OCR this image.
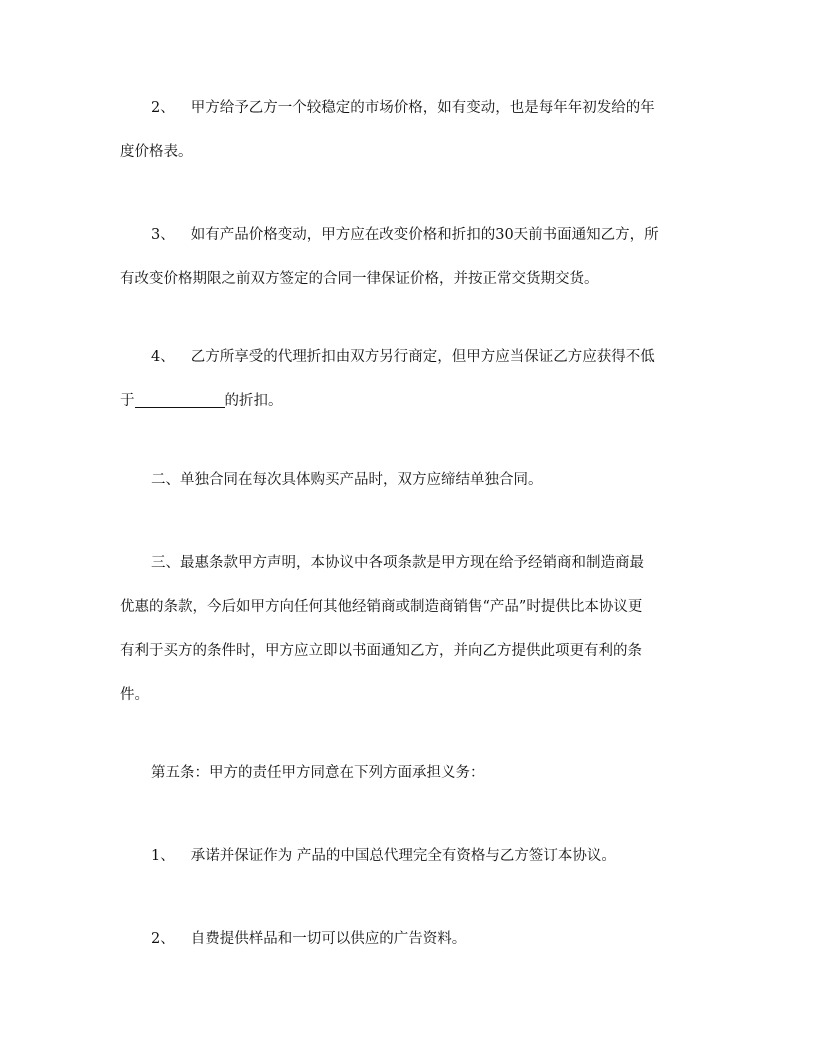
2、 甲方给予乙方一个较稳定的市场价格，如有变动，也是每年年初发给的年
度价格表。
3、 如有产品价格变动，甲方应在改变价格和折扣的30天前书面通知乙方，所
有改变价格期限之前双方签定的合同一律保证价格，并按正常交货期交货。
4、 乙方所享受的代理折扣由双方另行商定，但甲方应当保证乙方应获得不低
于	的折扣。
二、单独合同在每次具体购买产品时，双方应缔结单独合同。
三、最惠条款甲方声明，本协议中各项条款是甲方现在给予经销商和制造商最
优惠的条款，今后如甲方向任何其他经销商或制造商销售“产品”时提供比本协议更
有利于买方的条件时，甲方应立即以书面通知乙方，并向乙方提供此项更有利的条
件。
第五条：甲方的责任甲方同意在下列方面承担义务：
1、 承诺并保证作为 产品的中国总代理完全有资格与乙方签订本协议。
2、 自费提供样品和一切可以供应的广告资料。
